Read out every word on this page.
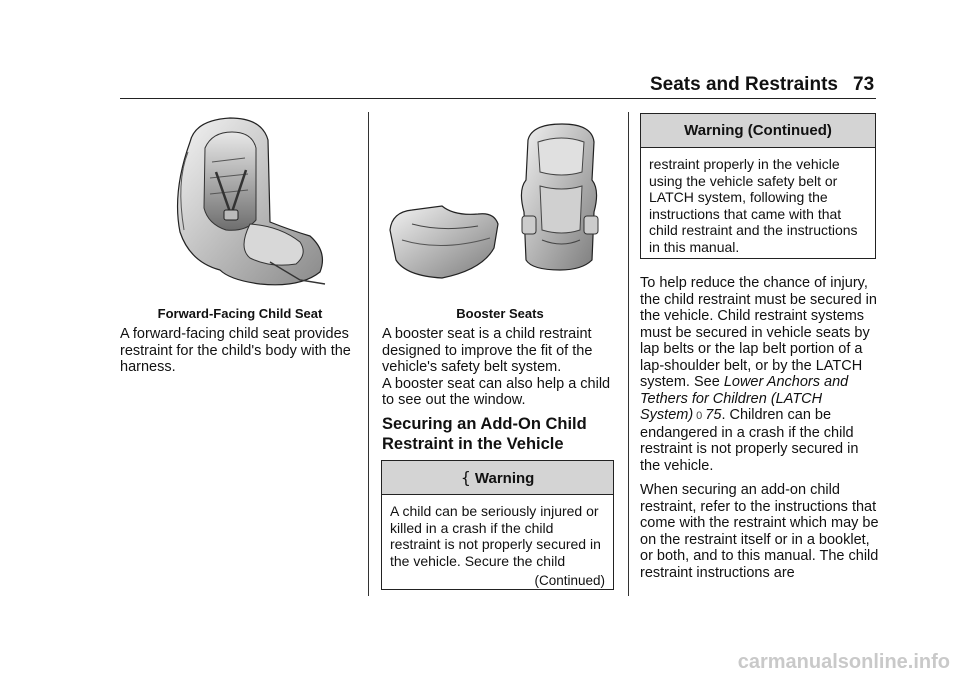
Seats and Restraints 73
Forward-Facing Child Seat

A forward-facing child seat provides restraint for the child's body with the harness.

Booster Seats

A booster seat is a child restraint designed to improve the fit of the vehicle's safety belt system.

A booster seat can also help a child to see out the window.

Securing an Add-On Child
Restraint in the Vehicle
{ Warning

A child can be seriously injured or killed in a crash if the child restraint is not properly secured in the vehicle. Secure the child

(Continued)
Warning (Continued)

restraint properly in the vehicle using the vehicle safety belt or LATCH system, following the instructions that came with that child restraint and the instructions in this manual.

To help reduce the chance of injury, the child restraint must be secured in the vehicle. Child restraint systems must be secured in vehicle seats by lap belts or the lap belt portion of a lap-shoulder belt, or by the LATCH system. See Lower Anchors and Tethers for Children (LATCH System) 0 75. Children can be endangered in a crash if the child restraint is not properly secured in the vehicle.

When securing an add-on child restraint, refer to the instructions that come with the restraint which may be on the restraint itself or in a booklet, or both, and to this manual. The child restraint instructions are

carmanualsonline.info
